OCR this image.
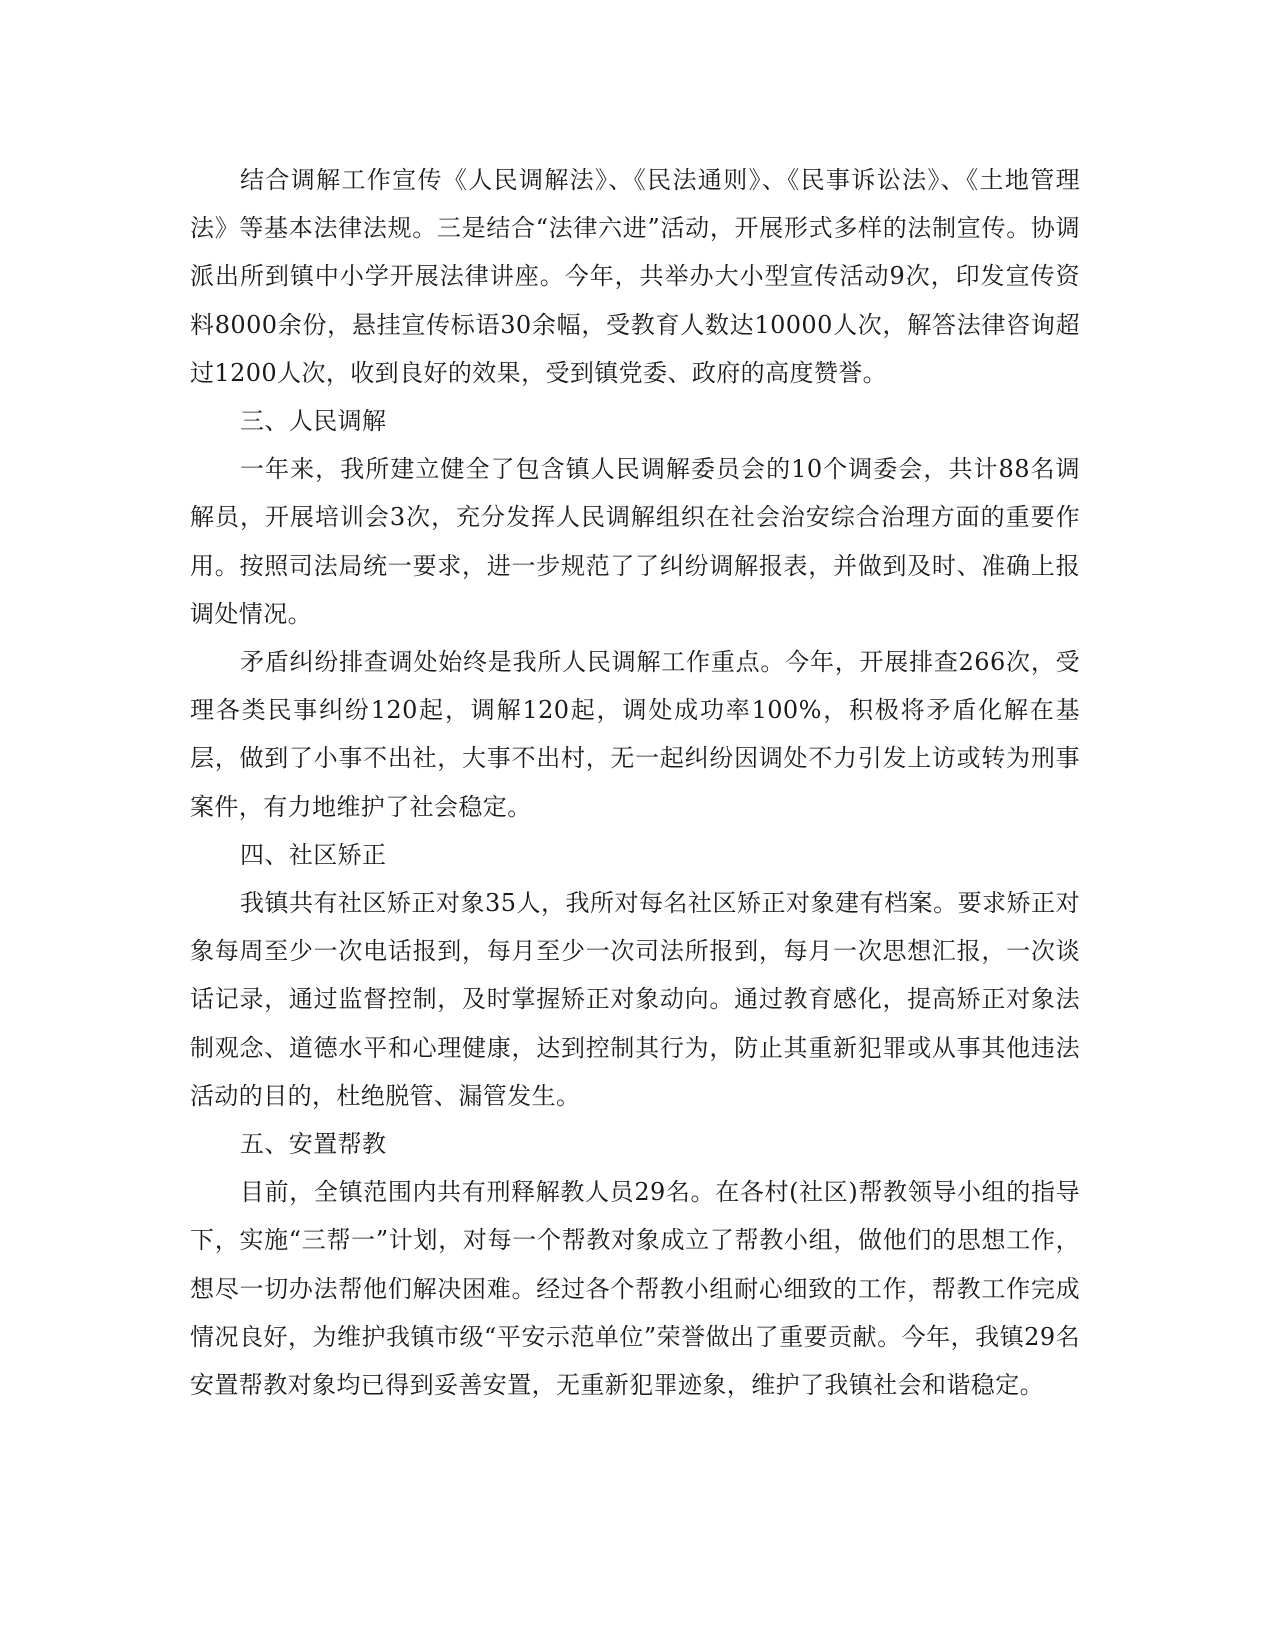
结合调解工作宣传《人民调解法》、《民法通则》、《民事诉讼法》、《土地管理法》等基本法律法规。三是结合“法律六进”活动，开展形式多样的法制宣传。协调派出所到镇中小学开展法律讲座。今年，共举办大小型宣传活动9次，印发宣传资料8000余份，悬挂宣传标语30余幅，受教育人数达10000人次，解答法律咨询超过1200人次，收到良好的效果，受到镇党委、政府的高度赞誉。

三、人民调解

一年来，我所建立健全了包含镇人民调解委员会的10个调委会，共计88名调解员，开展培训会3次，充分发挥人民调解组织在社会治安综合治理方面的重要作用。按照司法局统一要求，进一步规范了了纠纷调解报表，并做到及时、准确上报调处情况。

矛盾纠纷排查调处始终是我所人民调解工作重点。今年，开展排查266次，受理各类民事纠纷120起，调解120起，调处成功率100%，积极将矛盾化解在基层，做到了小事不出社，大事不出村，无一起纠纷因调处不力引发上访或转为刑事案件，有力地维护了社会稳定。

四、社区矫正

我镇共有社区矫正对象35人，我所对每名社区矫正对象建有档案。要求矫正对象每周至少一次电话报到，每月至少一次司法所报到，每月一次思想汇报，一次谈话记录，通过监督控制，及时掌握矫正对象动向。通过教育感化，提高矫正对象法制观念、道德水平和心理健康，达到控制其行为，防止其重新犯罪或从事其他违法活动的目的，杜绝脱管、漏管发生。

五、安置帮教

目前，全镇范围内共有刑释解教人员29名。在各村(社区)帮教领导小组的指导下，实施“三帮一”计划，对每一个帮教对象成立了帮教小组，做他们的思想工作，想尽一切办法帮他们解决困难。经过各个帮教小组耐心细致的工作，帮教工作完成情况良好，为维护我镇市级“平安示范单位”荣誉做出了重要贡献。今年，我镇29名安置帮教对象均已得到妥善安置，无重新犯罪迹象，维护了我镇社会和谐稳定。
